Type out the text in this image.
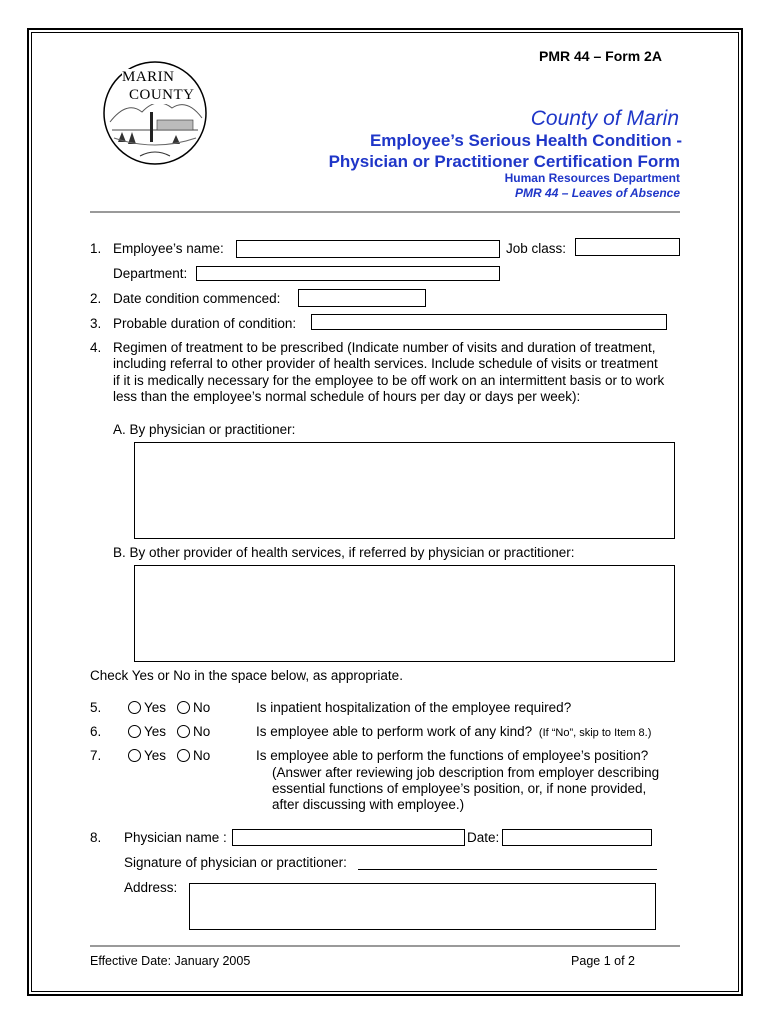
PMR 44 – Form 2A
MARIN
COUNTY
County of Marin
Employee’s Serious Health Condition -
Physician or Practitioner Certification Form
Human Resources Department
PMR 44 – Leaves of Absence
1. Employee’s name:	Job class:
Department:
2. Date condition commenced:
3. Probable duration of condition:
4. Regimen of treatment to be prescribed (Indicate number of visits and duration of treatment,
including referral to other provider of health services. Include schedule of visits or treatment
if it is medically necessary for the employee to be off work on an intermittent basis or to work
less than the employee’s normal schedule of hours per day or days per week):
A. By physician or practitioner:
B. By other provider of health services, if referred by physician or practitioner:
Check Yes or No in the space below, as appropriate.
5.	Yes	No	Is inpatient hospitalization of the employee required?
6.	Yes	No	Is employee able to perform work of any kind? (If “No”, skip to Item 8.)
7.	Yes	No	Is employee able to perform the functions of employee’s position?
(Answer after reviewing job description from employer describing
essential functions of employee’s position, or, if none provided,
after discussing with employee.)
8. Physician name :	Date:
Signature of physician or practitioner:
Address:
Effective Date: January 2005	Page 1 of 2
